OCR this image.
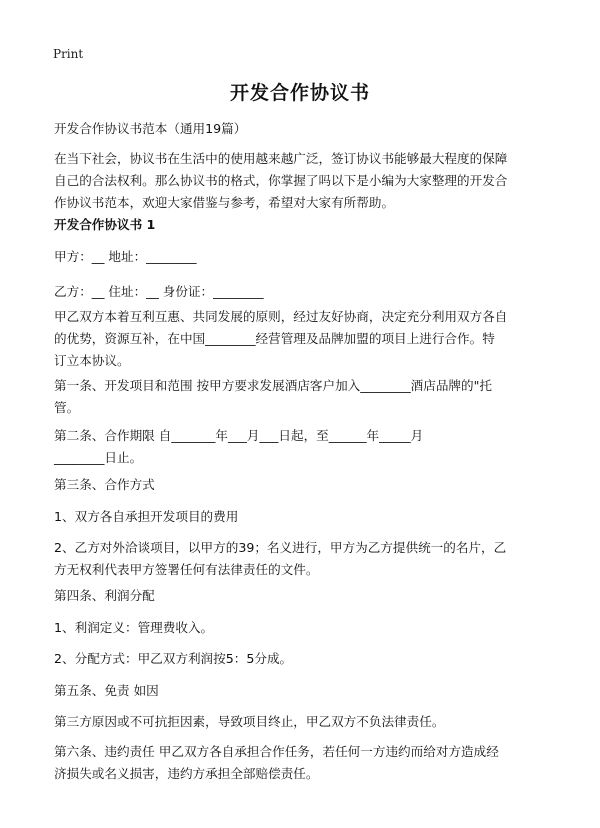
Print
开发合作协议书
开发合作协议书范本（通用19篇）
在当下社会，协议书在生活中的使用越来越广泛，签订协议书能够最大程度的保障
自己的合法权利。那么协议书的格式，你掌握了吗以下是小编为大家整理的开发合
作协议书范本，欢迎大家借鉴与参考，希望对大家有所帮助。
开发合作协议书 1
甲方：__ 地址：________
乙方：__ 住址：__ 身份证：________
甲乙双方本着互利互惠、共同发展的原则，经过友好协商，决定充分利用双方各自
的优势，资源互补，在中国________经营管理及品牌加盟的项目上进行合作。特
订立本协议。
第一条、开发项目和范围 按甲方要求发展酒店客户加入________酒店品牌的"托
管。
第二条、合作期限 自_______年___月___日起，至______年_____月
________日止。
第三条、合作方式
1、双方各自承担开发项目的费用
2、乙方对外洽谈项目，以甲方的39；名义进行，甲方为乙方提供统一的名片，乙
方无权利代表甲方签署任何有法律责任的文件。
第四条、利润分配
1、利润定义：管理费收入。
2、分配方式：甲乙双方利润按5：5分成。
第五条、免责 如因
第三方原因或不可抗拒因素，导致项目终止，甲乙双方不负法律责任。
第六条、违约责任 甲乙双方各自承担合作任务，若任何一方违约而给对方造成经
济损失或名义损害，违约方承担全部赔偿责任。
